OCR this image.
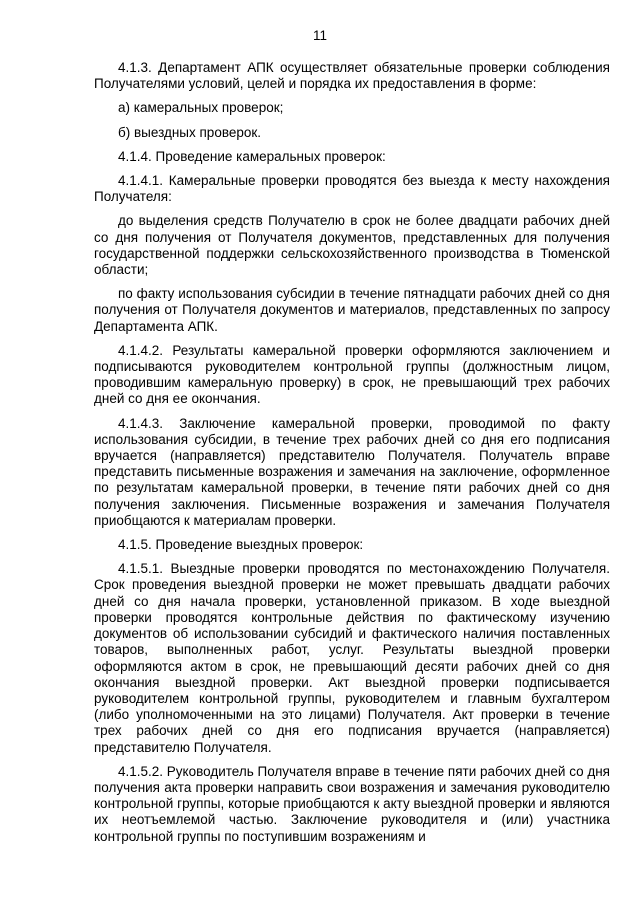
11

4.1.3. Департамент АПК осуществляет обязательные проверки соблюдения Получателями условий, целей и порядка их предоставления в форме:

а) камеральных проверок;

б) выездных проверок.

4.1.4. Проведение камеральных проверок:

4.1.4.1. Камеральные проверки проводятся без выезда к месту нахождения Получателя:

до выделения средств Получателю в срок не более двадцати рабочих дней со дня получения от Получателя документов, представленных для получения государственной поддержки сельскохозяйственного производства в Тюменской области;

по факту использования субсидии в течение пятнадцати рабочих дней со дня получения от Получателя документов и материалов, представленных по запросу Департамента АПК.

4.1.4.2. Результаты камеральной проверки оформляются заключением и подписываются руководителем контрольной группы (должностным лицом, проводившим камеральную проверку) в срок, не превышающий трех рабочих дней со дня ее окончания.

4.1.4.3. Заключение камеральной проверки, проводимой по факту использования субсидии, в течение трех рабочих дней со дня его подписания вручается (направляется) представителю Получателя. Получатель вправе представить письменные возражения и замечания на заключение, оформленное по результатам камеральной проверки, в течение пяти рабочих дней со дня получения заключения. Письменные возражения и замечания Получателя приобщаются к материалам проверки.

4.1.5. Проведение выездных проверок:

4.1.5.1. Выездные проверки проводятся по местонахождению Получателя. Срок проведения выездной проверки не может превышать двадцати рабочих дней со дня начала проверки, установленной приказом. В ходе выездной проверки проводятся контрольные действия по фактическому изучению документов об использовании субсидий и фактического наличия поставленных товаров, выполненных работ, услуг. Результаты выездной проверки оформляются актом в срок, не превышающий десяти рабочих дней со дня окончания выездной проверки. Акт выездной проверки подписывается руководителем контрольной группы, руководителем и главным бухгалтером (либо уполномоченными на это лицами) Получателя. Акт проверки в течение трех рабочих дней со дня его подписания вручается (направляется) представителю Получателя.

4.1.5.2. Руководитель Получателя вправе в течение пяти рабочих дней со дня получения акта проверки направить свои возражения и замечания руководителю контрольной группы, которые приобщаются к акту выездной проверки и являются их неотъемлемой частью. Заключение руководителя и (или) участника контрольной группы по поступившим возражениям и
